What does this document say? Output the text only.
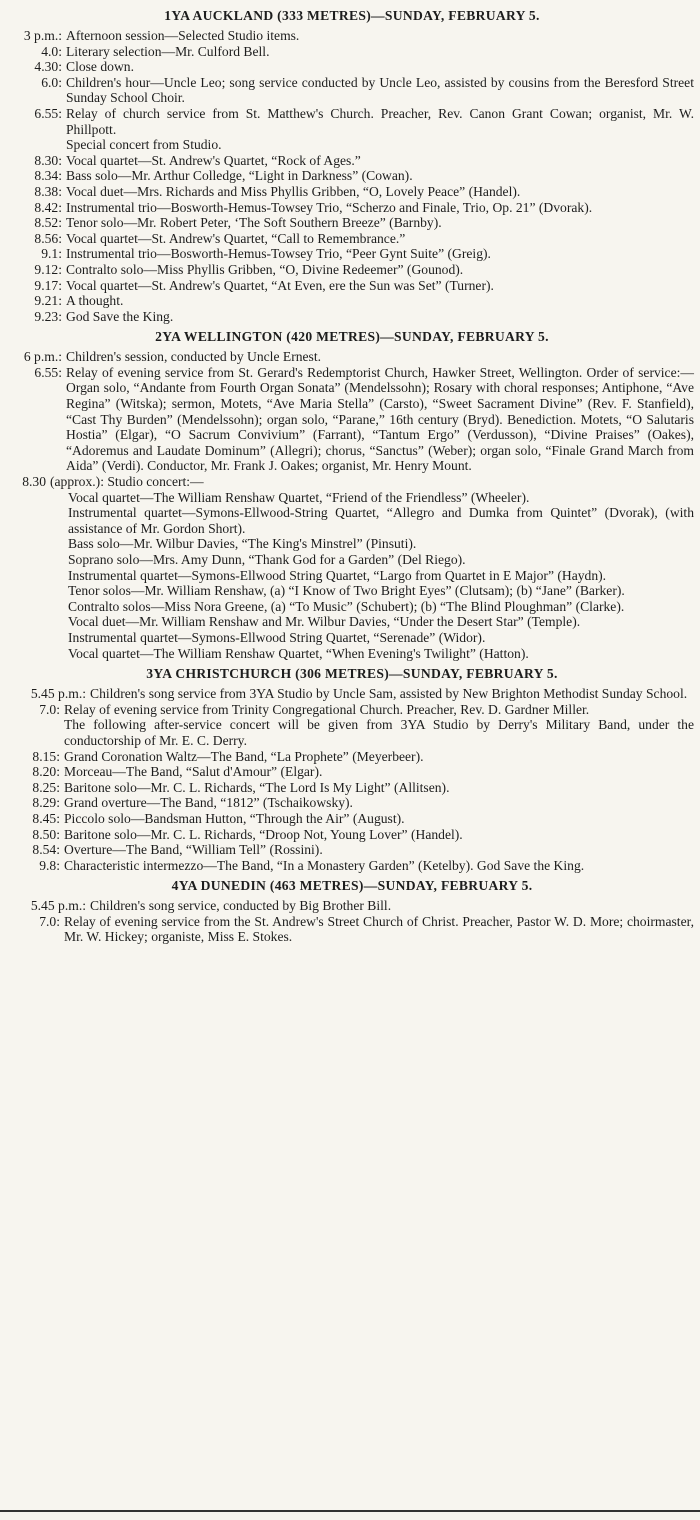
1YA AUCKLAND (333 METRES)—SUNDAY, FEBRUARY 5.
3 p.m.: Afternoon session—Selected Studio items.
4.0: Literary selection—Mr. Culford Bell.
4.30: Close down.
6.0: Children's hour—Uncle Leo; song service conducted by Uncle Leo, assisted by cousins from the Beresford Street Sunday School Choir.
6.55: Relay of church service from St. Matthew's Church. Preacher, Rev. Canon Grant Cowan; organist, Mr. W. Phillpott.
Special concert from Studio.
8.30: Vocal quartet—St. Andrew's Quartet, “Rock of Ages.”
8.34: Bass solo—Mr. Arthur Colledge, “Light in Darkness” (Cowan).
8.38: Vocal duet—Mrs. Richards and Miss Phyllis Gribben, “O, Lovely Peace” (Handel).
8.42: Instrumental trio—Bosworth-Hemus-Towsey Trio, “Scherzo and Finale, Trio, Op. 21” (Dvorak).
8.52: Tenor solo—Mr. Robert Peter, ‘The Soft Southern Breeze” (Barnby).
8.56: Vocal quartet—St. Andrew's Quartet, “Call to Remembrance.”
9.1: Instrumental trio—Bosworth-Hemus-Towsey Trio, “Peer Gynt Suite” (Greig).
9.12: Contralto solo—Miss Phyllis Gribben, “O, Divine Redeemer” (Gounod).
9.17: Vocal quartet—St. Andrew's Quartet, “At Even, ere the Sun was Set” (Turner).
9.21: A thought.
9.23: God Save the King.
2YA WELLINGTON (420 METRES)—SUNDAY, FEBRUARY 5.
6 p.m.: Children's session, conducted by Uncle Ernest.
6.55: Relay of evening service from St. Gerard's Redemptorist Church, Hawker Street, Wellington. Order of service:—Organ solo, “Andante from Fourth Organ Sonata” (Mendelssohn); Rosary with choral responses; Antiphone, “Ave Regina” (Witska); sermon, Motets, “Ave Maria Stella” (Carsto), “Sweet Sacrament Divine” (Rev. F. Stanfield), “Cast Thy Burden” (Mendelssohn); organ solo, “Parane,” 16th century (Bryd). Benediction. Motets, “O Salutaris Hostia” (Elgar), “O Sacrum Convivium” (Farrant), “Tantum Ergo” (Verdusson), “Divine Praises” (Oakes), “Adoremus and Laudate Dominum” (Allegri); chorus, “Sanctus” (Weber); organ solo, “Finale Grand March from Aida” (Verdi). Conductor, Mr. Frank J. Oakes; organist, Mr. Henry Mount.
8.30 (approx.): Studio concert:—
Vocal quartet—The William Renshaw Quartet, “Friend of the Friendless” (Wheeler).
Instrumental quartet—Symons-Ellwood-String Quartet, “Allegro and Dumka from Quintet” (Dvorak), (with assistance of Mr. Gordon Short).
Bass solo—Mr. Wilbur Davies, “The King's Minstrel” (Pinsuti).
Soprano solo—Mrs. Amy Dunn, “Thank God for a Garden” (Del Riego).
Instrumental quartet—Symons-Ellwood String Quartet, “Largo from Quartet in E Major” (Haydn).
Tenor solos—Mr. William Renshaw, (a) “I Know of Two Bright Eyes” (Clutsam); (b) “Jane” (Barker).
Contralto solos—Miss Nora Greene, (a) “To Music” (Schubert); (b) “The Blind Ploughman” (Clarke).
Vocal duet—Mr. William Renshaw and Mr. Wilbur Davies, “Under the Desert Star” (Temple).
Instrumental quartet—Symons-Ellwood String Quartet, “Serenade” (Widor).
Vocal quartet—The William Renshaw Quartet, “When Evening's Twilight” (Hatton).
3YA CHRISTCHURCH (306 METRES)—SUNDAY, FEBRUARY 5.
5.45 p.m.: Children's song service from 3YA Studio by Uncle Sam, assisted by New Brighton Methodist Sunday School.
7.0: Relay of evening service from Trinity Congregational Church. Preacher, Rev. D. Gardner Miller.
The following after-service concert will be given from 3YA Studio by Derry's Military Band, under the conductorship of Mr. E. C. Derry.
8.15: Grand Coronation Waltz—The Band, “La Prophete” (Meyerbeer).
8.20: Morceau—The Band, “Salut d'Amour” (Elgar).
8.25: Baritone solo—Mr. C. L. Richards, “The Lord Is My Light” (Allitsen).
8.29: Grand overture—The Band, “1812” (Tschaikowsky).
8.45: Piccolo solo—Bandsman Hutton, “Through the Air” (August).
8.50: Baritone solo—Mr. C. L. Richards, “Droop Not, Young Lover” (Handel).
8.54: Overture—The Band, “William Tell” (Rossini).
9.8: Characteristic intermezzo—The Band, “In a Monastery Garden” (Ketelby). God Save the King.
4YA DUNEDIN (463 METRES)—SUNDAY, FEBRUARY 5.
5.45 p.m.: Children's song service, conducted by Big Brother Bill.
7.0: Relay of evening service from the St. Andrew's Street Church of Christ. Preacher, Pastor W. D. More; choirmaster, Mr. W. Hickey; organiste, Miss E. Stokes.
